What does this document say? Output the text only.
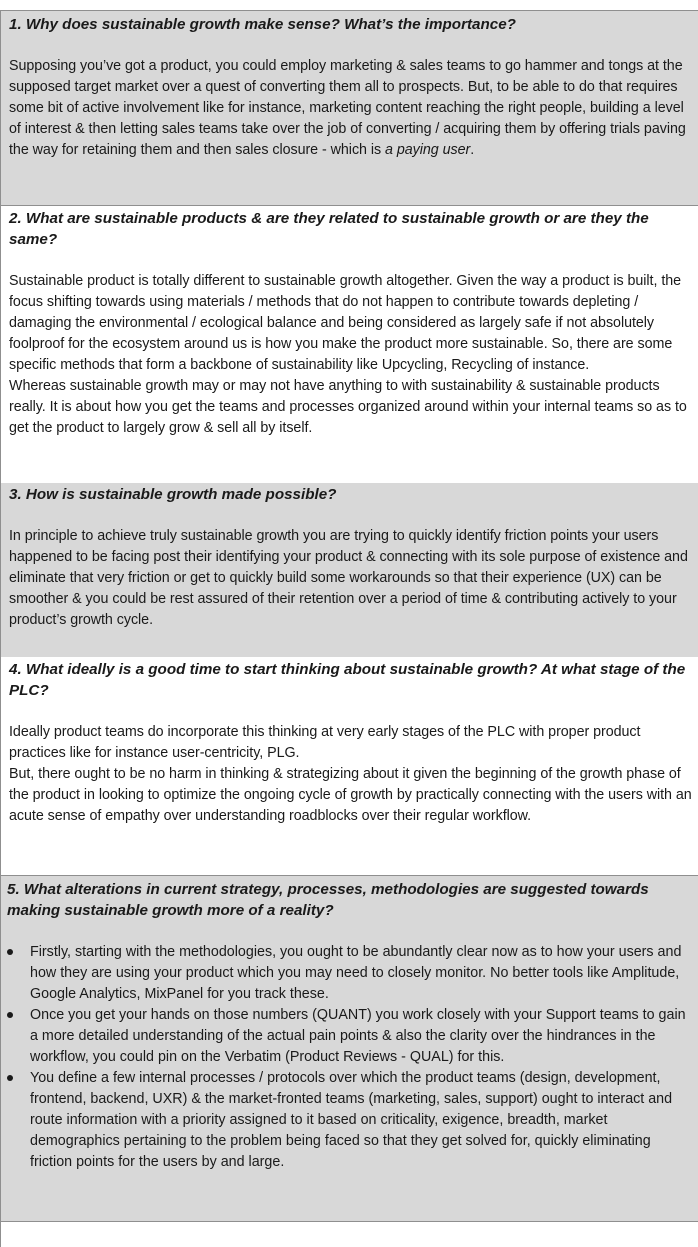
1. Why does sustainable growth make sense? What’s the importance?

Supposing you’ve got a product, you could employ marketing & sales teams to go hammer and tongs at the supposed target market over a quest of converting them all to prospects. But, to be able to do that requires some bit of active involvement like for instance, marketing content reaching the right people, building a level of interest & then letting sales teams take over the job of converting / acquiring them by offering trials paving the way for retaining them and then sales closure - which is a paying user.

2. What are sustainable products & are they related to sustainable growth or are they the same?

Sustainable product is totally different to sustainable growth altogether. Given the way a product is built, the focus shifting towards using materials / methods that do not happen to contribute towards depleting / damaging the environmental / ecological balance and being considered as largely safe if not absolutely foolproof for the ecosystem around us is how you make the product more sustainable. So, there are some specific methods that form a backbone of sustainability like Upcycling, Recycling of instance.

Whereas sustainable growth may or may not have anything to with sustainability & sustainable products really. It is about how you get the teams and processes organized around within your internal teams so as to get the product to largely grow & sell all by itself.

3. How is sustainable growth made possible?

In principle to achieve truly sustainable growth you are trying to quickly identify friction points your users happened to be facing post their identifying your product & connecting with its sole purpose of existence and eliminate that very friction or get to quickly build some workarounds so that their experience (UX) can be smoother & you could be rest assured of their retention over a period of time & contributing actively to your product’s growth cycle.

4. What ideally is a good time to start thinking about sustainable growth? At what stage of the PLC?

Ideally product teams do incorporate this thinking at very early stages of the PLC with proper product practices like for instance user-centricity, PLG.

But, there ought to be no harm in thinking & strategizing about it given the beginning of the growth phase of the product in looking to optimize the ongoing cycle of growth by practically connecting with the users with an acute sense of empathy over understanding roadblocks over their regular workflow.

5. What alterations in current strategy, processes, methodologies are suggested towards making sustainable growth more of a reality?

Firstly, starting with the methodologies, you ought to be abundantly clear now as to how your users and how they are using your product which you may need to closely monitor. No better tools like Amplitude, Google Analytics, MixPanel for you track these.
Once you get your hands on those numbers (QUANT) you work closely with your Support teams to gain a more detailed understanding of the actual pain points & also the clarity over the hindrances in the workflow, you could pin on the Verbatim (Product Reviews - QUAL) for this.
You define a few internal processes / protocols over which the product teams (design, development, frontend, backend, UXR) & the market-fronted teams (marketing, sales, support) ought to interact and route information with a priority assigned to it based on criticality, exigence, breadth, market demographics pertaining to the problem being faced so that they get solved for, quickly eliminating friction points for the users by and large.
